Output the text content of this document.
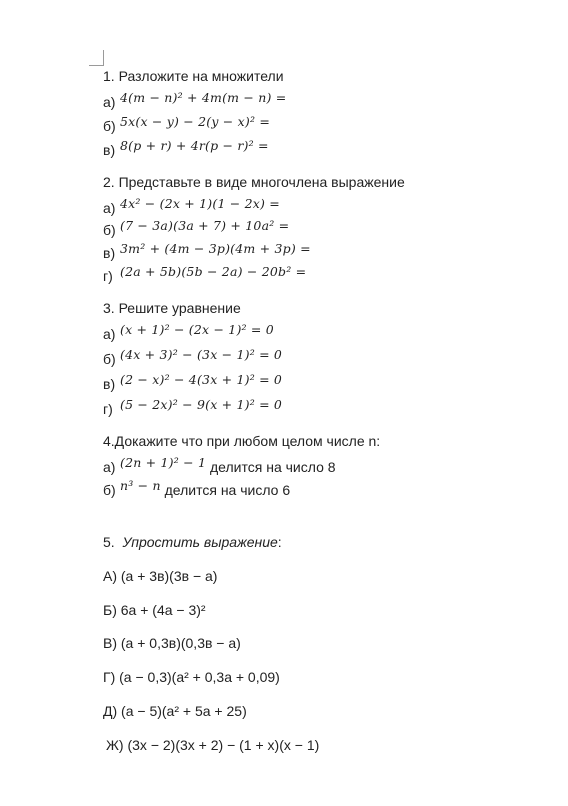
1. Разложите на множители
а) 4(m − n)² + 4m(m − n) =
б) 5x(x − y) − 2(y − x)² =
в) 8(p + r) + 4r(p − r)² =
2. Представьте в виде многочлена выражение
а) 4x² − (2x + 1)(1 − 2x) =
б) (7 − 3a)(3a + 7) + 10a² =
в) 3m² + (4m − 3p)(4m + 3p) =
г) (2a + 5b)(5b − 2a) − 20b² =
3. Решите уравнение
а) (x + 1)² − (2x − 1)² = 0
б) (4x + 3)² − (3x − 1)² = 0
в) (2 − x)² − 4(3x + 1)² = 0
г) (5 − 2x)² − 9(x + 1)² = 0
4.Докажите что при любом целом числе n:
а) (2n + 1)² − 1 делится на число 8
б) n³ − n делится на число 6
5. Упростить выражение:
А) (a + 3в)(3в − a)
Б) 6a + (4a − 3)²
В) (a + 0,3в)(0,3в − a)
Г) (a − 0,3)(a² + 0,3a + 0,09)
Д) (a − 5)(a² + 5a + 25)
Ж) (3x − 2)(3x + 2) − (1 + x)(x − 1)
